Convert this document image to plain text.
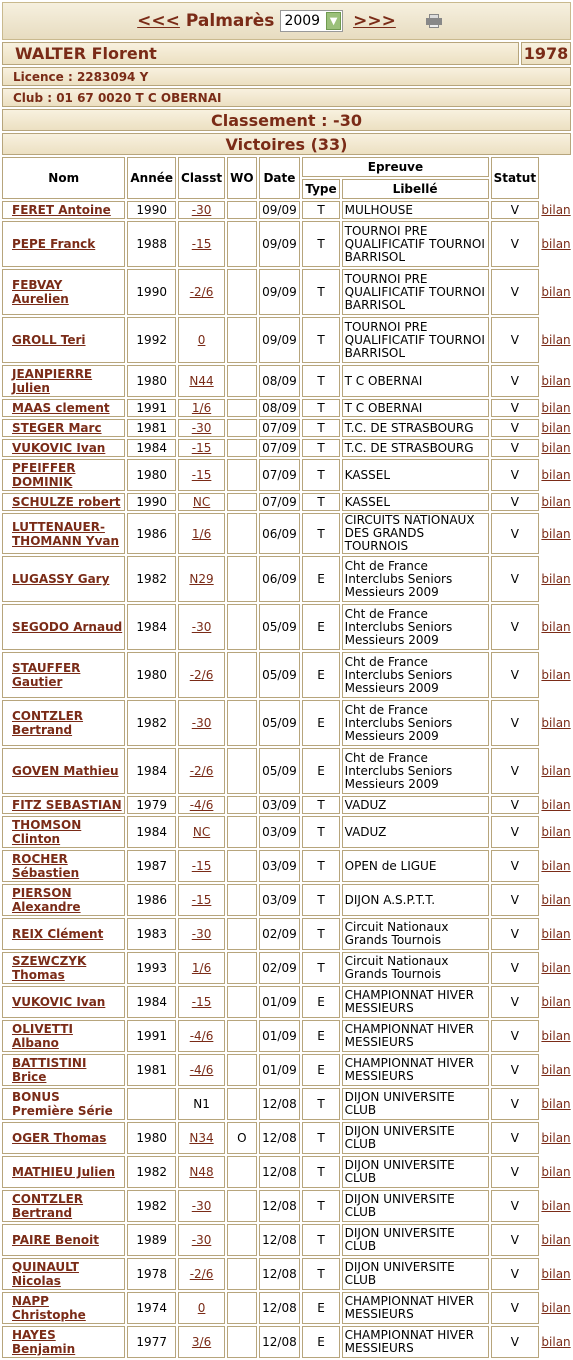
<<< Palmarès 2009 ▼ >>>
WALTER Florent	1978
Licence : 2283094 Y
Club : 01 67 0020 T C OBERNAI
Classement : -30
Victoires (33)
Nom	Année	Classt	WO	Date	Epreuve		Statut	
					Type	Libellé		
FERET Antoine	1990	-30		09/09	T	MULHOUSE	V	bilan
PEPE Franck	1988	-15		09/09	T	TOURNOI PRE QUALIFICATIF TOURNOI BARRISOL	V	bilan
FEBVAY Aurelien	1990	-2/6		09/09	T	TOURNOI PRE QUALIFICATIF TOURNOI BARRISOL	V	bilan
GROLL Teri	1992	0		09/09	T	TOURNOI PRE QUALIFICATIF TOURNOI BARRISOL	V	bilan
JEANPIERRE Julien	1980	N44		08/09	T	T C OBERNAI	V	bilan
MAAS clement	1991	1/6		08/09	T	T C OBERNAI	V	bilan
STEGER Marc	1981	-30		07/09	T	T.C. DE STRASBOURG	V	bilan
VUKOVIC Ivan	1984	-15		07/09	T	T.C. DE STRASBOURG	V	bilan
PFEIFFER DOMINIK	1980	-15		07/09	T	KASSEL	V	bilan
SCHULZE robert	1990	NC		07/09	T	KASSEL	V	bilan
LUTTENAUER-THOMANN Yvan	1986	1/6		06/09	T	CIRCUITS NATIONAUX DES GRANDS TOURNOIS	V	bilan
LUGASSY Gary	1982	N29		06/09	E	Cht de France Interclubs Seniors Messieurs 2009	V	bilan
SEGODO Arnaud	1984	-30		05/09	E	Cht de France Interclubs Seniors Messieurs 2009	V	bilan
STAUFFER Gautier	1980	-2/6		05/09	E	Cht de France Interclubs Seniors Messieurs 2009	V	bilan
CONTZLER Bertrand	1982	-30		05/09	E	Cht de France Interclubs Seniors Messieurs 2009	V	bilan
GOVEN Mathieu	1984	-2/6		05/09	E	Cht de France Interclubs Seniors Messieurs 2009	V	bilan
FITZ SEBASTIAN	1979	-4/6		03/09	T	VADUZ	V	bilan
THOMSON Clinton	1984	NC		03/09	T	VADUZ	V	bilan
ROCHER Sébastien	1987	-15		03/09	T	OPEN de LIGUE	V	bilan
PIERSON Alexandre	1986	-15		03/09	T	DIJON A.S.P.T.T.	V	bilan
REIX Clément	1983	-30		02/09	T	Circuit Nationaux Grands Tournois	V	bilan
SZEWCZYK Thomas	1993	1/6		02/09	T	Circuit Nationaux Grands Tournois	V	bilan
VUKOVIC Ivan	1984	-15		01/09	E	CHAMPIONNAT HIVER MESSIEURS	V	bilan
OLIVETTI Albano	1991	-4/6		01/09	E	CHAMPIONNAT HIVER MESSIEURS	V	bilan
BATTISTINI Brice	1981	-4/6		01/09	E	CHAMPIONNAT HIVER MESSIEURS	V	bilan
BONUS Première Série		N1		12/08	T	DIJON UNIVERSITE CLUB	V	bilan
OGER Thomas	1980	N34	O	12/08	T	DIJON UNIVERSITE CLUB	V	bilan
MATHIEU Julien	1982	N48		12/08	T	DIJON UNIVERSITE CLUB	V	bilan
CONTZLER Bertrand	1982	-30		12/08	T	DIJON UNIVERSITE CLUB	V	bilan
PAIRE Benoit	1989	-30		12/08	T	DIJON UNIVERSITE CLUB	V	bilan
QUINAULT Nicolas	1978	-2/6		12/08	T	DIJON UNIVERSITE CLUB	V	bilan
NAPP Christophe	1974	0		12/08	E	CHAMPIONNAT HIVER MESSIEURS	V	bilan
HAYES Benjamin	1977	3/6		12/08	E	CHAMPIONNAT HIVER MESSIEURS	V	bilan
